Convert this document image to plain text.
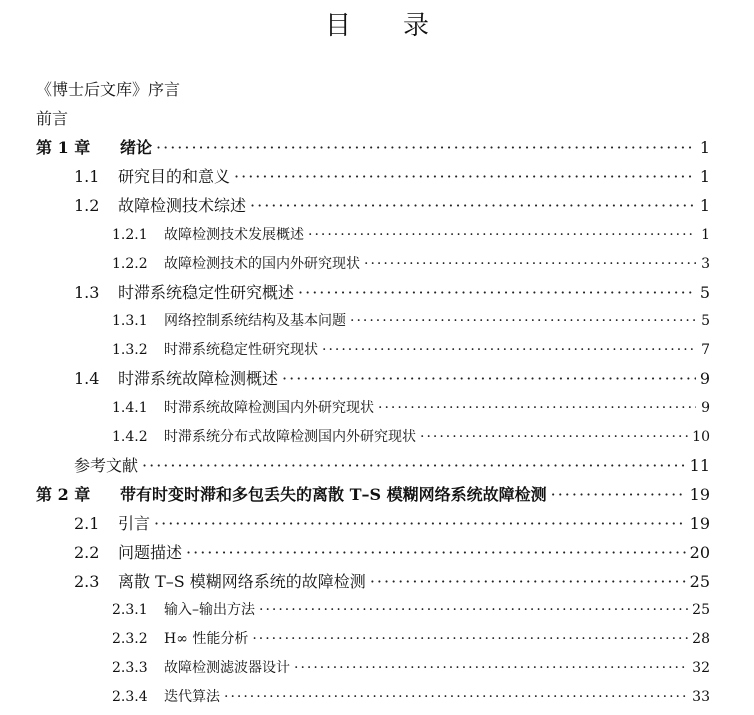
目录
《博士后文库》序言
前言
第 1 章	绪论 ·····	1
1.1	研究目的和意义 ·····	1
1.2	故障检测技术综述 ·····	1
1.2.1	故障检测技术发展概述 ·····	1
1.2.2	故障检测技术的国内外研究现状 ·····	3
1.3	时滞系统稳定性研究概述 ·····	5
1.3.1	网络控制系统结构及基本问题 ·····	5
1.3.2	时滞系统稳定性研究现状 ·····	7
1.4	时滞系统故障检测概述 ·····	9
1.4.1	时滞系统故障检测国内外研究现状 ·····	9
1.4.2	时滞系统分布式故障检测国内外研究现状 ·····	10
参考文献 ·····	11
第 2 章	带有时变时滞和多包丢失的离散 T–S 模糊网络系统故障检测 ·····	19
2.1	引言 ·····	19
2.2	问题描述 ·····	20
2.3	离散 T–S 模糊网络系统的故障检测 ·····	25
2.3.1	输入–输出方法 ·····	25
2.3.2	H∞ 性能分析 ·····	28
2.3.3	故障检测滤波器设计 ·····	32
2.3.4	迭代算法 ·····	33
